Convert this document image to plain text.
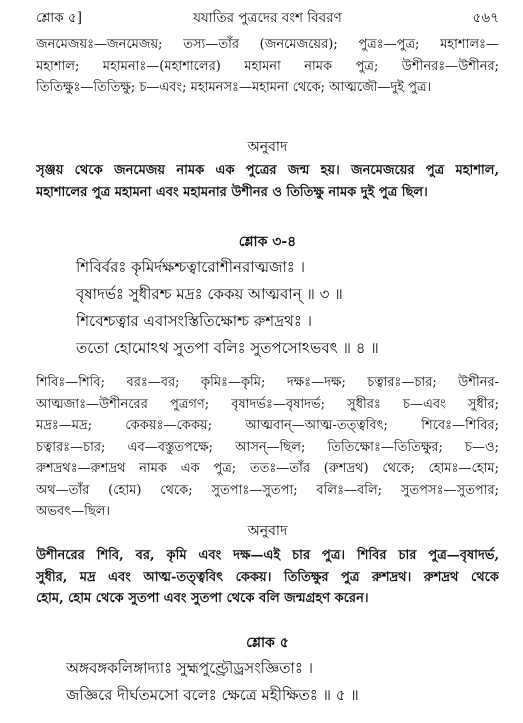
শ্লোক ৫]	যযাতির পুত্রদের বংশ বিবরণ	৫৬৭
জনমেজয়ঃ—জনমেজয়; তস্য—তাঁর (জনমেজয়ের); পুত্রঃ—পুত্র; মহাশালঃ—
মহাশাল; মহামনাঃ—(মহাশালের) মহামনা নামক পুত্র; উশীনরঃ—উশীনর;
তিতিক্ষুঃ—তিতিক্ষু; চ—এবং; মহামনসঃ—মহামনা থেকে; আত্মজৌ—দুই পুত্র।
অনুবাদ
সৃঞ্জয় থেকে জনমেজয় নামক এক পুত্রের জন্ম হয়। জনমেজয়ের পুত্র মহাশাল,
মহাশালের পুত্র মহামনা এবং মহামনার উশীনর ও তিতিক্ষু নামক দুই পুত্র ছিল।
শ্লোক ৩-৪
শিবির্বরঃ কৃমির্দক্ষশ্চত্বারোশীনরাত্মজাঃ ।
বৃষাদর্ভঃ সুধীরশ্চ মদ্রঃ কেকয় আত্মবান্ ॥ ৩ ॥
শিবেশ্চত্বার এবাসংস্তিতিক্ষোশ্চ রুশদ্রথঃ ।
ততো হোমোঽথ সুতপা বলিঃ সুতপসোঽভবৎ ॥ ৪ ॥
শিবিঃ—শিবি; বরঃ—বর; কৃমিঃ—কৃমি; দক্ষঃ—দক্ষ; চত্বারঃ—চার; উশীনর-
আত্মজাঃ—উশীনরের পুত্রগণ; বৃষাদর্ভঃ—বৃষাদর্ভ; সুধীরঃ চ—এবং সুধীর;
মদ্রঃ—মদ্র; কেকয়ঃ—কেকয়; আত্মবান্—আত্ম-তত্ত্ববিৎ; শিবেঃ—শিবির;
চত্বারঃ—চার; এব—বস্তুতপক্ষে; আসন্—ছিল; তিতিক্ষোঃ—তিতিক্ষুর; চ—ও;
রুশদ্রথঃ—রুশদ্রথ নামক এক পুত্র; ততঃ—তাঁর (রুশদ্রথ) থেকে; হোমঃ—হোম;
অথ—তাঁর (হোম) থেকে; সুতপাঃ—সুতপা; বলিঃ—বলি; সুতপসঃ—সুতপার;
অভবৎ—ছিল।
অনুবাদ
উশীনরের শিবি, বর, কৃমি এবং দক্ষ—এই চার পুত্র। শিবির চার পুত্র—বৃষাদর্ভ,
সুধীর, মদ্র এবং আত্ম-তত্ত্ববিৎ কেকয়। তিতিক্ষুর পুত্র রুশদ্রথ। রুশদ্রথ থেকে
হোম, হোম থেকে সুতপা এবং সুতপা থেকে বলি জন্মগ্রহণ করেন।
শ্লোক ৫
অঙ্গবঙ্গকলিঙ্গাদ্যাঃ সুহ্মপুণ্ড্রৌড্রসংজ্ঞিতাঃ ।
জজ্ঞিরে দীর্ঘতমসো বলেঃ ক্ষেত্রে মহীক্ষিতঃ ॥ ৫ ॥
